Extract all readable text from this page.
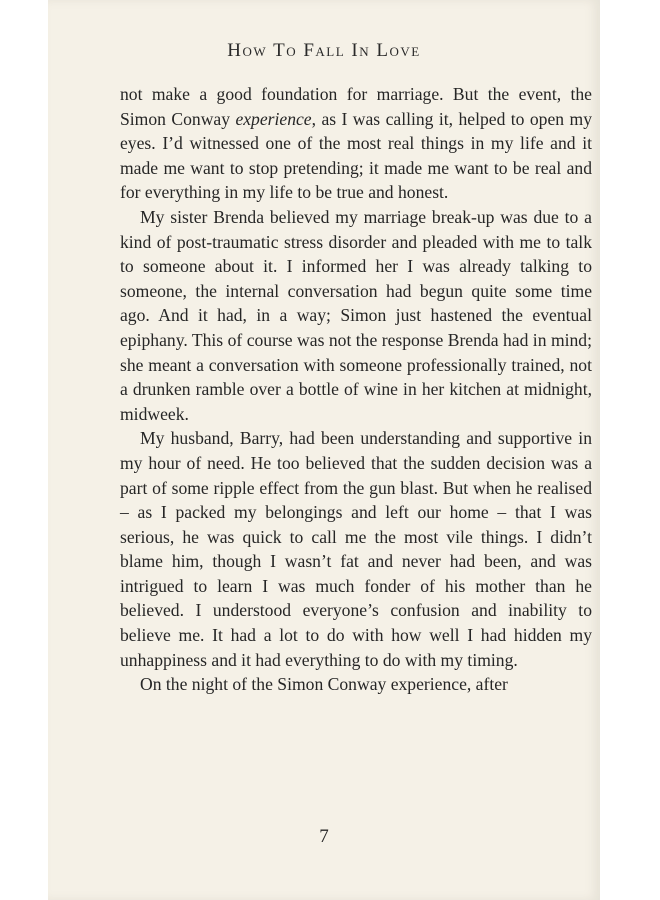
How To Fall In Love

not make a good foundation for marriage. But the event, the Simon Conway experience, as I was calling it, helped to open my eyes. I’d witnessed one of the most real things in my life and it made me want to stop pretending; it made me want to be real and for everything in my life to be true and honest.

My sister Brenda believed my marriage break-up was due to a kind of post-traumatic stress disorder and pleaded with me to talk to someone about it. I informed her I was already talking to someone, the internal conversation had begun quite some time ago. And it had, in a way; Simon just hastened the eventual epiphany. This of course was not the response Brenda had in mind; she meant a conversation with someone professionally trained, not a drunken ramble over a bottle of wine in her kitchen at midnight, midweek.

My husband, Barry, had been understanding and supportive in my hour of need. He too believed that the sudden decision was a part of some ripple effect from the gun blast. But when he realised – as I packed my belongings and left our home – that I was serious, he was quick to call me the most vile things. I didn’t blame him, though I wasn’t fat and never had been, and was intrigued to learn I was much fonder of his mother than he believed. I understood everyone’s confusion and inability to believe me. It had a lot to do with how well I had hidden my unhappiness and it had everything to do with my timing.

On the night of the Simon Conway experience, after

7
